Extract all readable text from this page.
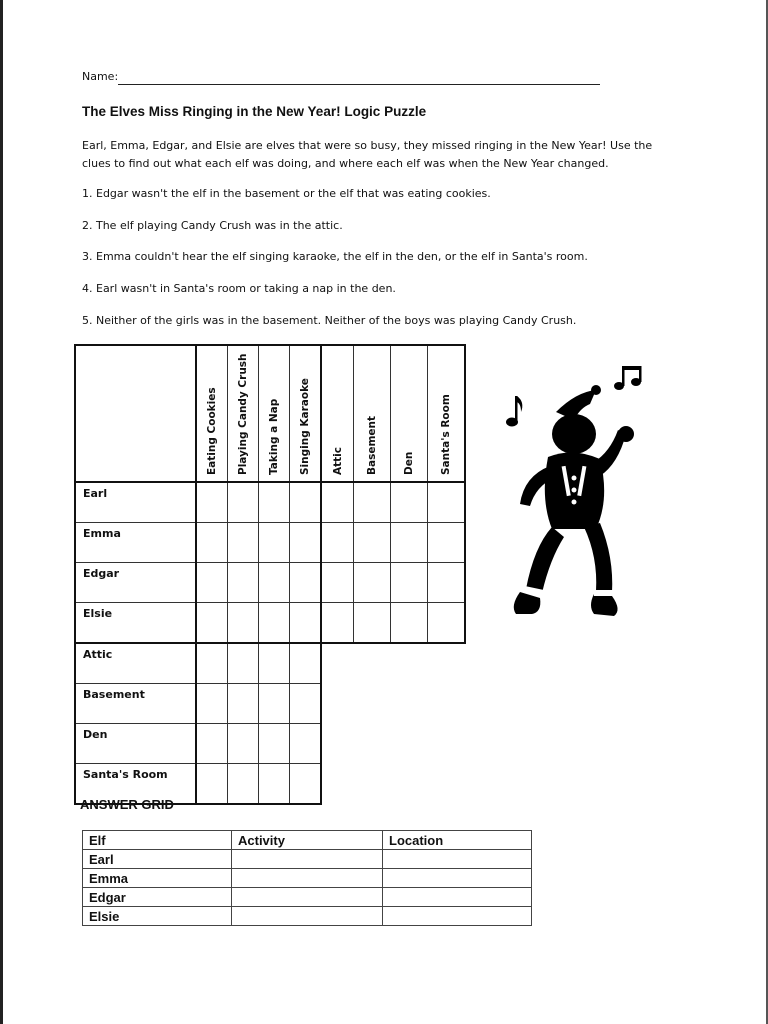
Name:
The Elves Miss Ringing in the New Year! Logic Puzzle
Earl, Emma, Edgar, and Elsie are elves that were so busy, they missed ringing in the New Year! Use the clues to find out what each elf was doing, and where each elf was when the New Year changed.
1. Edgar wasn't the elf in the basement or the elf that was eating cookies.
2. The elf playing Candy Crush was in the attic.
3. Emma couldn't hear the elf singing karaoke, the elf in the den, or the elf in Santa's room.
4. Earl wasn't in Santa's room or taking a nap in the den.
5. Neither of the girls was in the basement. Neither of the boys was playing Candy Crush.

	Eating Cookies	Playing Candy Crush	Taking a Nap	Singing Karaoke	Attic	Basement	Den	Santa's Room

Earl								
Emma								
Edgar								
Elsie								
Attic								
Basement								
Den								
Santa's Room								
ANSWER GRID
Elf	Activity	Location
Earl		
Emma		
Edgar		
Elsie		
